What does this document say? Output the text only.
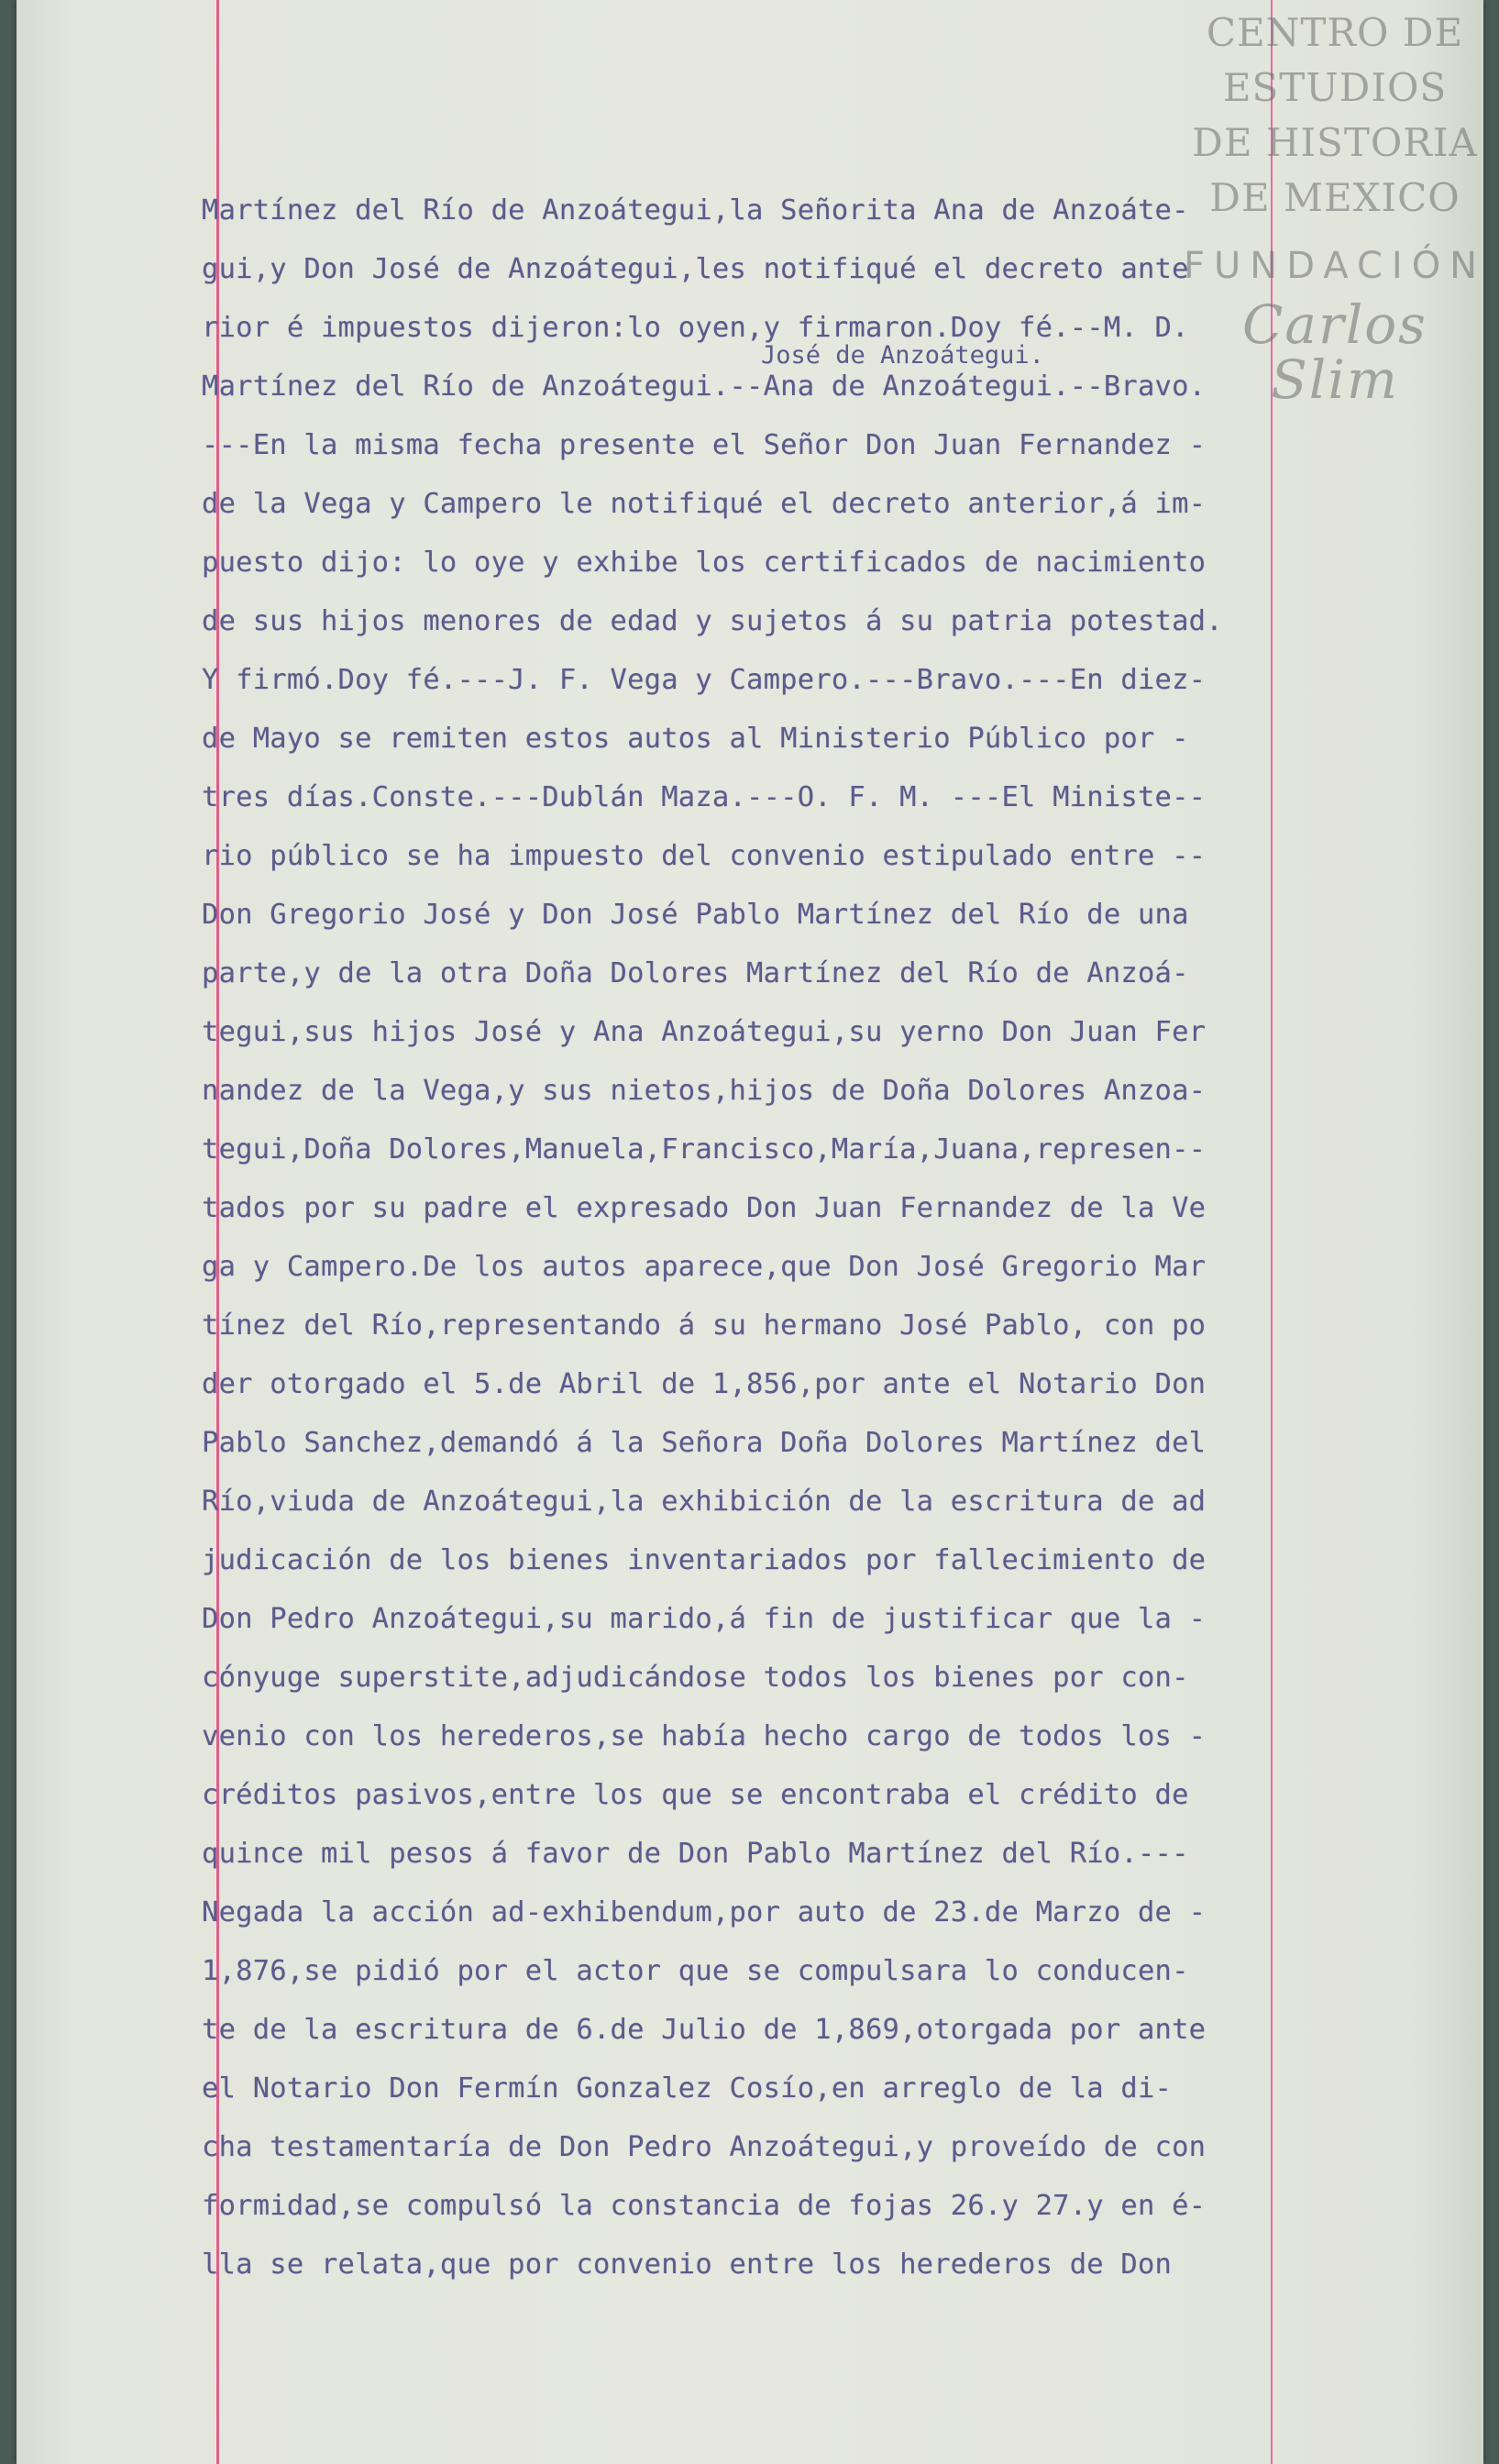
CENTRO DE
ESTUDIOS
DE HISTORIA
DE MEXICO
FUNDACIÓN
Carlos Slim
José de Anzoátegui.
Martínez del Río de Anzoátegui,la Señorita Ana de Anzoáte-
gui,y Don José de Anzoátegui,les notifiqué el decreto ante
rior é impuestos dijeron:lo oyen,y firmaron.Doy fé.--M. D.
Martínez del Río de Anzoátegui.--Ana de Anzoátegui.--Bravo.
---En la misma fecha presente el Señor Don Juan Fernandez -
de la Vega y Campero le notifiqué el decreto anterior,á im-
puesto dijo: lo oye y exhibe los certificados de nacimiento
de sus hijos menores de edad y sujetos á su patria potestad.
Y firmó.Doy fé.---J. F. Vega y Campero.---Bravo.---En diez-
de Mayo se remiten estos autos al Ministerio Público por -
tres días.Conste.---Dublán Maza.---O. F. M. ---El Ministe--
rio público se ha impuesto del convenio estipulado entre --
Don Gregorio José y Don José Pablo Martínez del Río de una
parte,y de la otra Doña Dolores Martínez del Río de Anzoá-
tegui,sus hijos José y Ana Anzoátegui,su yerno Don Juan Fer
nandez de la Vega,y sus nietos,hijos de Doña Dolores Anzoa-
tegui,Doña Dolores,Manuela,Francisco,María,Juana,represen--
tados por su padre el expresado Don Juan Fernandez de la Ve
ga y Campero.De los autos aparece,que Don José Gregorio Mar
tínez del Río,representando á su hermano José Pablo, con po
der otorgado el 5.de Abril de 1,856,por ante el Notario Don
Pablo Sanchez,demandó á la Señora Doña Dolores Martínez del
Río,viuda de Anzoátegui,la exhibición de la escritura de ad
judicación de los bienes inventariados por fallecimiento de
Don Pedro Anzoátegui,su marido,á fin de justificar que la -
cónyuge superstite,adjudicándose todos los bienes por con-
venio con los herederos,se había hecho cargo de todos los -
créditos pasivos,entre los que se encontraba el crédito de
quince mil pesos á favor de Don Pablo Martínez del Río.---
Negada la acción ad-exhibendum,por auto de 23.de Marzo de -
1,876,se pidió por el actor que se compulsara lo conducen-
te de la escritura de 6.de Julio de 1,869,otorgada por ante
el Notario Don Fermín Gonzalez Cosío,en arreglo de la di-
cha testamentaría de Don Pedro Anzoátegui,y proveído de con
formidad,se compulsó la constancia de fojas 26.y 27.y en é-
lla se relata,que por convenio entre los herederos de Don
